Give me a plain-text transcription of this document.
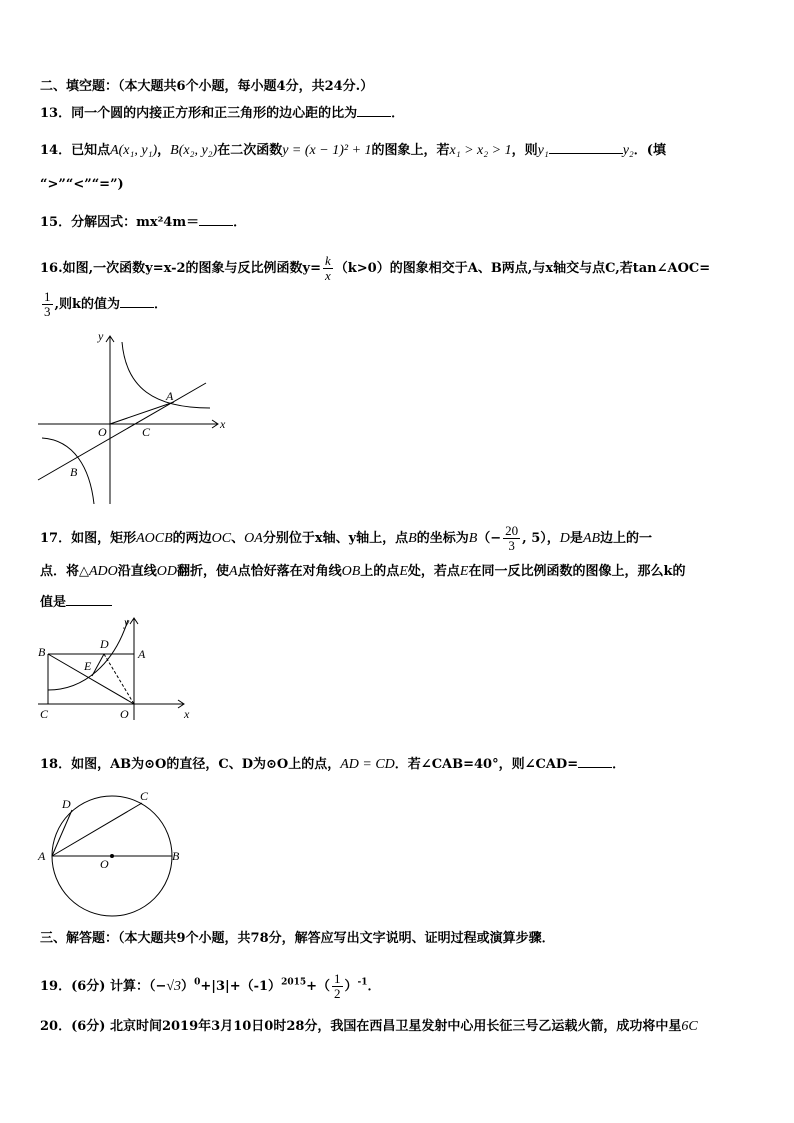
二、填空题：（本大题共6个小题，每小题4分，共24分.）
13．同一个圆的内接正方形和正三角形的边心距的比为	．
14．已知点A(x₁, y₁)，B(x₂, y₂)在二次函数y = (x − 1)² + 1的图象上，若x₁ > x₂ > 1，则y₁	y₂．(填
“>”“<”“=”)
15．分解因式：mx²4m＝	．
16.如图,一次函数y=x-2的图象与反比例函数$y= \frac{k}{x} (k>0)$的图象相交于A、B两点,与x轴交与点C,若tan∠AOC=
$\frac{1}{3}$ ,则k的值为	．
y
x
A
O	C
B
17．如图，矩形AOCB的两边OC、OA分别位于x轴、y轴上，点B的坐标为$B(- \frac{20}{3}$ , 5），D是AB边上的一
点．将△ADO沿直线OD翻折，使A点恰好落在对角线OB上的点E处，若点E在同一反比例函数的图像上，那么k的
值是
B	A
C	O
D
E
y
x
18．如图，AB为⊙O的直径，C、D为⊙O上的点，AD = CD．若∠CAB=40°，则∠CAD=	．
D
C
A	B
O
三、解答题：（本大题共9个小题，共78分，解答应写出文字说明、证明过程或演算步骤．
19．(6分) 计算：$(-√3)^0+|3|+(-1)^{2015}+( \frac{1}{2} )^{-1}$．
20．(6分) 北京时间2019年3月10日0时28分，我国在西昌卫星发射中心用长征三号乙运载火箭，成功将中星6C
